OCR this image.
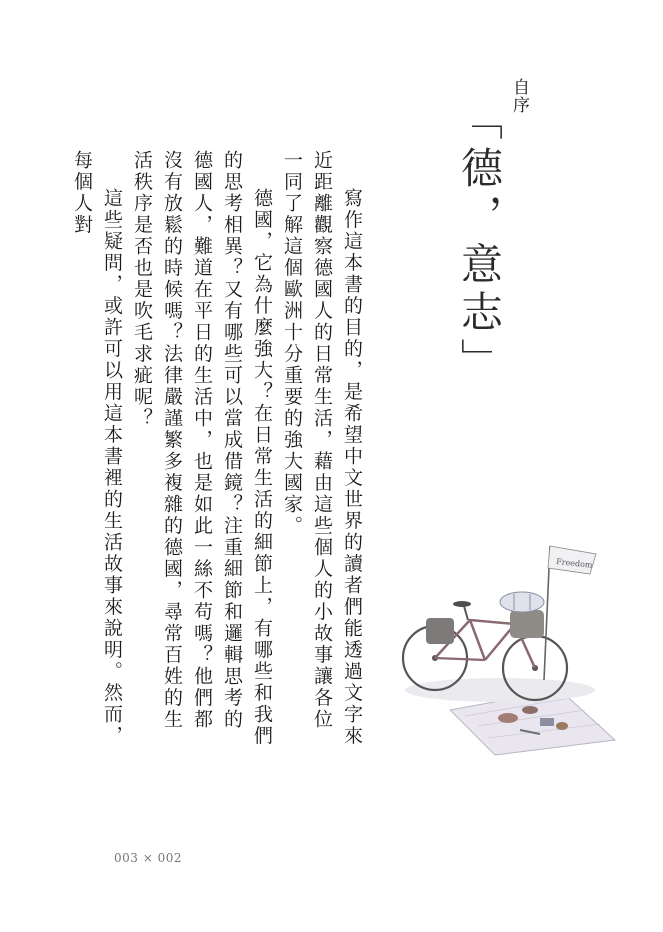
自序
「德，意志」

寫作這本書的目的，是希望中文世界的讀者們能透過文字來近距離觀察德國人的日常生活，藉由這些個人的小故事讓各位一同了解這個歐洲十分重要的強大國家。

德國，它為什麼強大？在日常生活的細節上，有哪些和我們的思考相異？又有哪些可以當成借鏡？注重細節和邏輯思考的德國人，難道在平日的生活中，也是如此一絲不苟嗎？他們都沒有放鬆的時候嗎？法律嚴謹繁多複雜的德國，尋常百姓的生活秩序是否也是吹毛求疵呢？

這些疑問，或許可以用這本書裡的生活故事來說明。然而，每個人對

Freedom
003 × 002
